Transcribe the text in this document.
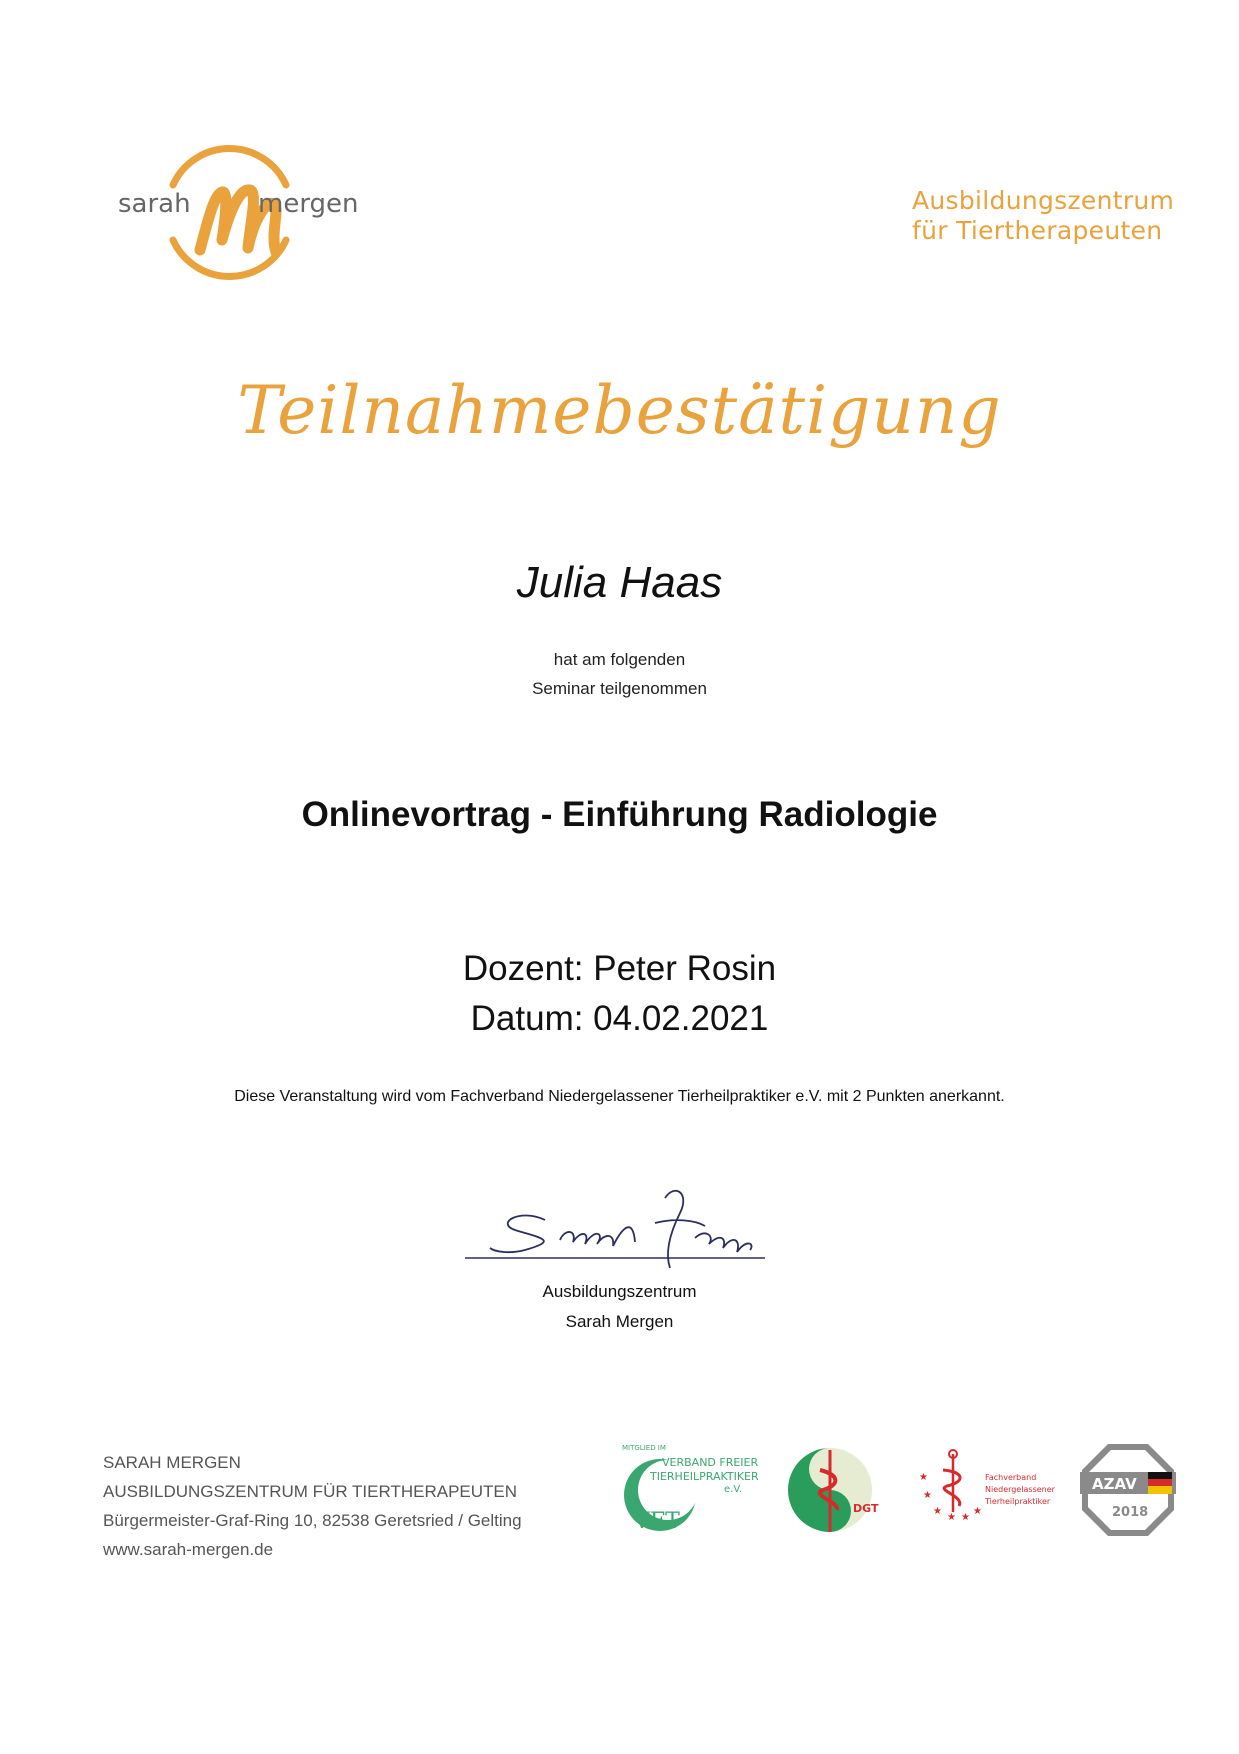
sarah	mergen	Ausbildungszentrum
für Tiertherapeuten
Teilnahmebestätigung
Julia Haas
hat am folgenden
Seminar teilgenommen
Onlinevortrag - Einführung Radiologie
Dozent: Peter Rosin
Datum: 04.02.2021
Diese Veranstaltung wird vom Fachverband Niedergelassener Tierheilpraktiker e.V. mit 2 Punkten anerkannt.
Ausbildungszentrum
Sarah Mergen
SARAH MERGEN
AUSBILDUNGSZENTRUM FÜR TIERTHERAPEUTEN
Bürgermeister-Graf-Ring 10, 82538 Geretsried / Gelting
www.sarah-mergen.de
MITGLIED IM
VERBAND FREIER
TIERHEILPRAKTIKER
e.V.
VFT
DGT
★
★
★
★ ★
★
Fachverband
Niedergelassener
Tierheilpraktiker
AZAV
2018
